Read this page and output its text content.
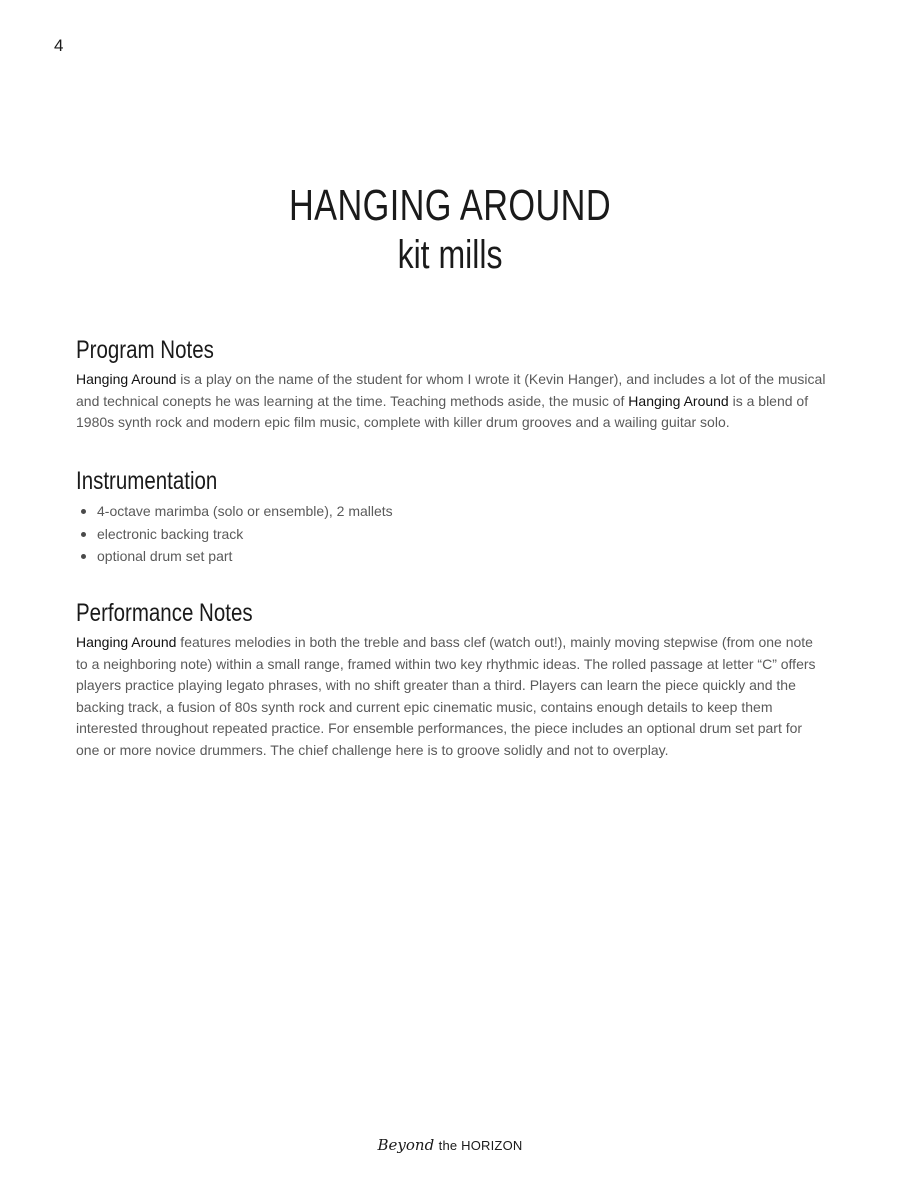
4
HANGING AROUND
kit mills
Program Notes

Hanging Around is a play on the name of the student for whom I wrote it (Kevin Hanger), and includes a lot of the musical and technical conepts he was learning at the time. Teaching methods aside, the music of Hanging Around is a blend of 1980s synth rock and modern epic film music, complete with killer drum grooves and a wailing guitar solo.

Instrumentation
4-octave marimba (solo or ensemble), 2 mallets
electronic backing track
optional drum set part
Performance Notes

Hanging Around features melodies in both the treble and bass clef (watch out!), mainly moving stepwise (from one note to a neighboring note) within a small range, framed within two key rhythmic ideas. The rolled passage at letter “C” offers players practice playing legato phrases, with no shift greater than a third. Players can learn the piece quickly and the backing track, a fusion of 80s synth rock and current epic cinematic music, contains enough details to keep them interested throughout repeated practice. For ensemble performances, the piece includes an optional drum set part for one or more novice drummers. The chief challenge here is to groove solidly and not to overplay.

Beyond the HORIZON
